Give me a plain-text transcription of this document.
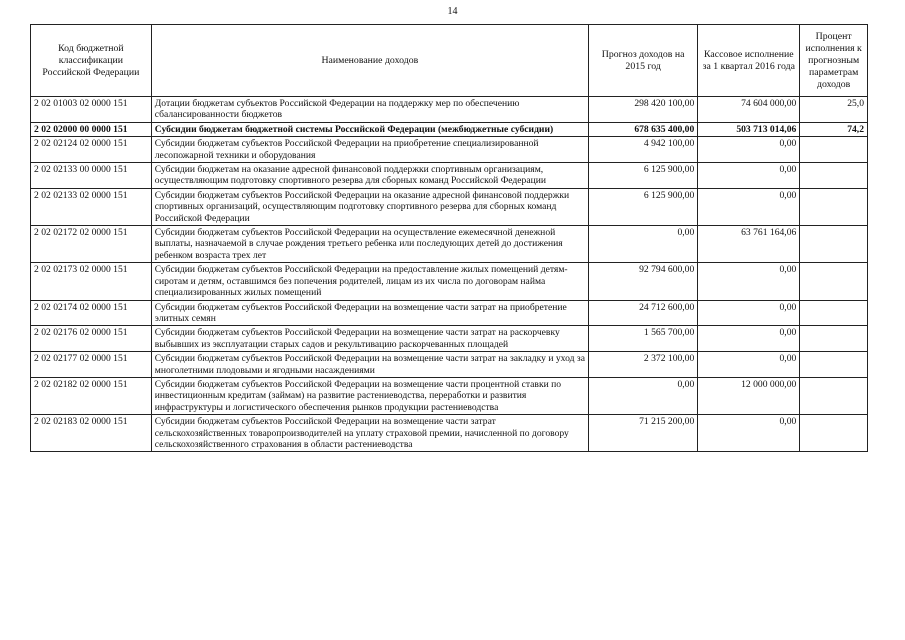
14
Код бюджетной классификации Российской Федерации	Наименование доходов	Прогноз доходов на 2015 год	Кассовое исполнение за 1 квартал 2016 года	Процент исполнения к прогнозным параметрам доходов
2 02 01003 02 0000 151	Дотации бюджетам субъектов Российской Федерации на поддержку мер по обеспечению сбалансированности бюджетов	298 420 100,00	74 604 000,00	25,0
2 02 02000 00 0000 151	Субсидии бюджетам бюджетной системы Российской Федерации (межбюджетные субсидии)	678 635 400,00	503 713 014,06	74,2
2 02 02124 02 0000 151	Субсидии бюджетам субъектов Российской Федерации на приобретение специализированной лесопожарной техники и оборудования	4 942 100,00	0,00	
2 02 02133 00 0000 151	Субсидии бюджетам на оказание адресной финансовой поддержки спортивным организациям, осуществляющим подготовку спортивного резерва для сборных команд Российской Федерации	6 125 900,00	0,00	
2 02 02133 02 0000 151	Субсидии бюджетам субъектов Российской Федерации на оказание адресной финансовой поддержки спортивных организаций, осуществляющим подготовку спортивного резерва для сборных команд Российской Федерации	6 125 900,00	0,00	
2 02 02172 02 0000 151	Субсидии бюджетам субъектов Российской Федерации на осуществление ежемесячной денежной выплаты, назначаемой в случае рождения третьего ребенка или последующих детей до достижения ребенком возраста трех лет	0,00	63 761 164,06	
2 02 02173 02 0000 151	Субсидии бюджетам субъектов Российской Федерации на предоставление жилых помещений детям-сиротам и детям, оставшимся без попечения родителей, лицам из их числа по договорам найма специализированных жилых помещений	92 794 600,00	0,00	
2 02 02174 02 0000 151	Субсидии бюджетам субъектов Российской Федерации на возмещение части затрат на приобретение элитных семян	24 712 600,00	0,00	
2 02 02176 02 0000 151	Субсидии бюджетам субъектов Российской Федерации на возмещение части затрат на раскорчевку выбывших из эксплуатации старых садов и рекультивацию раскорчеванных площадей	1 565 700,00	0,00	
2 02 02177 02 0000 151	Субсидии бюджетам субъектов Российской Федерации на возмещение части затрат на закладку и уход за многолетними плодовыми и ягодными насаждениями	2 372 100,00	0,00	
2 02 02182 02 0000 151	Субсидии бюджетам субъектов Российской Федерации на возмещение части процентной ставки по инвестиционным кредитам (займам) на развитие растениеводства, переработки и развития инфраструктуры и логистического обеспечения рынков продукции растениеводства	0,00	12 000 000,00	
2 02 02183 02 0000 151	Субсидии бюджетам субъектов Российской Федерации на возмещение части затрат сельскохозяйственных товаропроизводителей на уплату страховой премии, начисленной по договору сельскохозяйственного страхования в области растениеводства	71 215 200,00	0,00	
